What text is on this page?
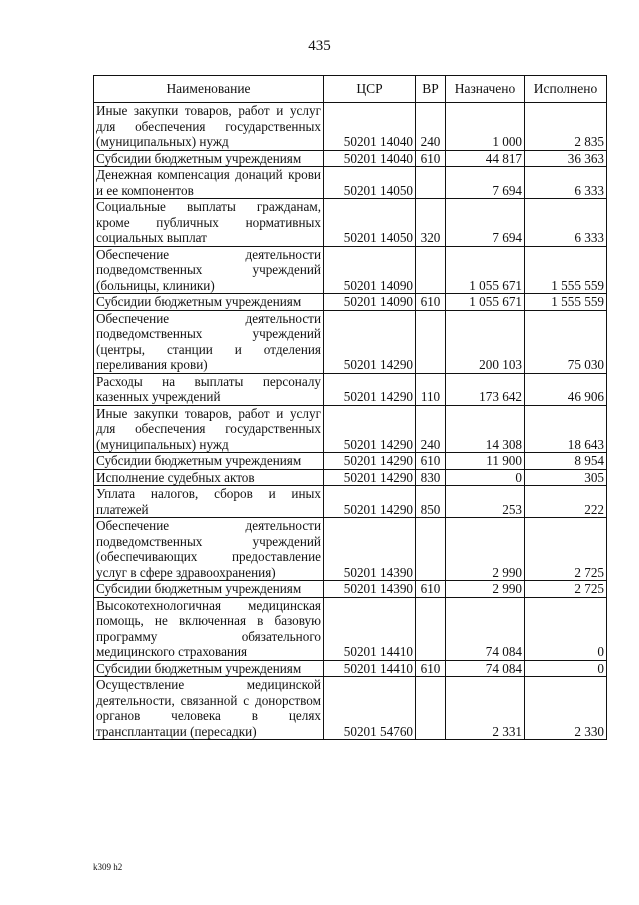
435
Наименование	ЦСР	ВР	Назначено	Исполнено
Иные закупки товаров, работ и услуг для обеспечения государственных (муниципальных) нужд	50201 14040	240	1 000	2 835
Субсидии бюджетным учреждениям	50201 14040	610	44 817	36 363
Денежная компенсация донаций крови и ее компонентов	50201 14050		7 694	6 333
Социальные выплаты гражданам, кроме публичных нормативных социальных выплат	50201 14050	320	7 694	6 333
Обеспечение деятельности подведомственных учреждений (больницы, клиники)	50201 14090		1 055 671	1 555 559
Субсидии бюджетным учреждениям	50201 14090	610	1 055 671	1 555 559
Обеспечение деятельности подведомственных учреждений (центры, станции и отделения переливания крови)	50201 14290		200 103	75 030
Расходы на выплаты персоналу казенных учреждений	50201 14290	110	173 642	46 906
Иные закупки товаров, работ и услуг для обеспечения государственных (муниципальных) нужд	50201 14290	240	14 308	18 643
Субсидии бюджетным учреждениям	50201 14290	610	11 900	8 954
Исполнение судебных актов	50201 14290	830	0	305
Уплата налогов, сборов и иных платежей	50201 14290	850	253	222
Обеспечение деятельности подведомственных учреждений (обеспечивающих предоставление услуг в сфере здравоохранения)	50201 14390		2 990	2 725
Субсидии бюджетным учреждениям	50201 14390	610	2 990	2 725
Высокотехнологичная медицинская помощь, не включенная в базовую программу обязательного медицинского страхования	50201 14410		74 084	0
Субсидии бюджетным учреждениям	50201 14410	610	74 084	0
Осуществление медицинской деятельности, связанной с донорством органов человека в целях трансплантации (пересадки)	50201 54760		2 331	2 330
k309 h2
